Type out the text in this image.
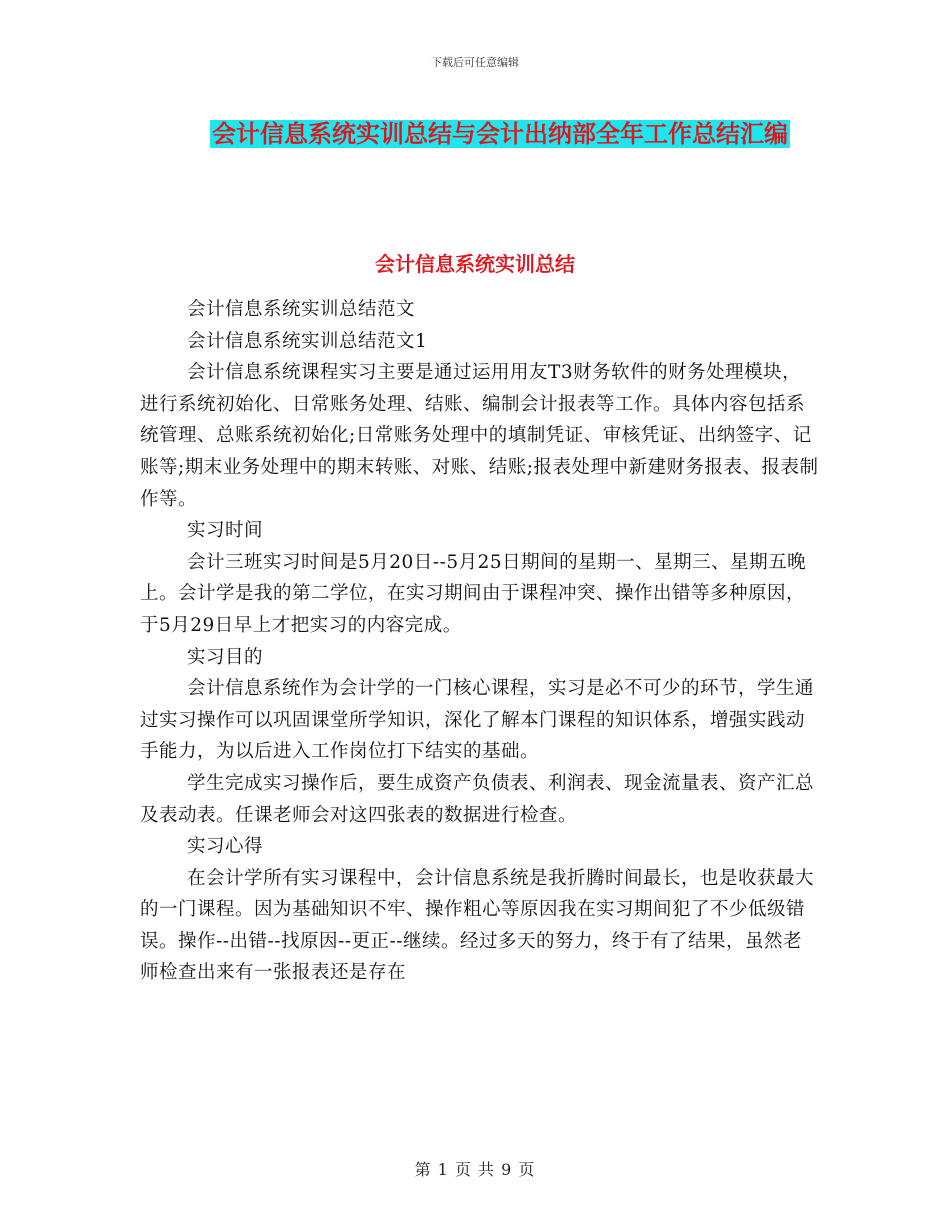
下载后可任意编辑
会计信息系统实训总结与会计出纳部全年工作总结汇编
会计信息系统实训总结

会计信息系统实训总结范文

会计信息系统实训总结范文1

会计信息系统课程实习主要是通过运用用友T3财务软件的财务处理模块，进行系统初始化、日常账务处理、结账、编制会计报表等工作。具体内容包括系统管理、总账系统初始化;日常账务处理中的填制凭证、审核凭证、出纳签字、记账等;期末业务处理中的期末转账、对账、结账;报表处理中新建财务报表、报表制作等。

实习时间

会计三班实习时间是5月20日--5月25日期间的星期一、星期三、星期五晚上。会计学是我的第二学位，在实习期间由于课程冲突、操作出错等多种原因，于5月29日早上才把实习的内容完成。

实习目的

会计信息系统作为会计学的一门核心课程，实习是必不可少的环节，学生通过实习操作可以巩固课堂所学知识，深化了解本门课程的知识体系，增强实践动手能力，为以后进入工作岗位打下结实的基础。

学生完成实习操作后，要生成资产负债表、利润表、现金流量表、资产汇总及表动表。任课老师会对这四张表的数据进行检查。

实习心得

在会计学所有实习课程中，会计信息系统是我折腾时间最长，也是收获最大的一门课程。因为基础知识不牢、操作粗心等原因我在实习期间犯了不少低级错误。操作--出错--找原因--更正--继续。经过多天的努力，终于有了结果，虽然老师检查出来有一张报表还是存在

第 1 页 共 9 页
